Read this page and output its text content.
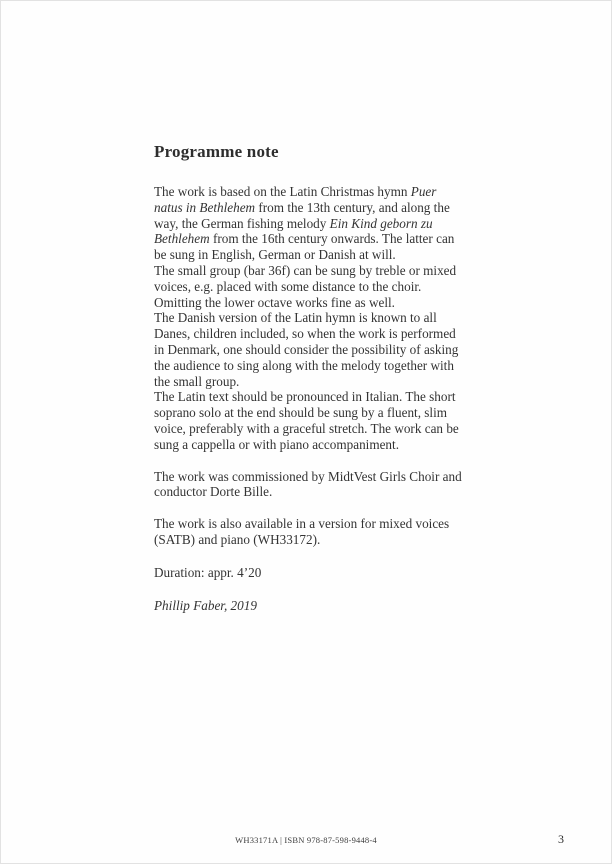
Programme note

The work is based on the Latin Christmas hymn Puer natus in Bethlehem from the 13th century, and along the way, the German fishing melody Ein Kind geborn zu Bethlehem from the 16th century onwards. The latter can be sung in English, German or Danish at will.

The small group (bar 36f) can be sung by treble or mixed voices, e.g. placed with some distance to the choir. Omitting the lower octave works fine as well.

The Danish version of the Latin hymn is known to all Danes, children included, so when the work is performed in Denmark, one should consider the possibility of asking the audience to sing along with the melody together with the small group.

The Latin text should be pronounced in Italian. The short soprano solo at the end should be sung by a fluent, slim voice, preferably with a graceful stretch. The work can be sung a cappella or with piano accompaniment.

The work was commissioned by MidtVest Girls Choir and conductor Dorte Bille.

The work is also available in a version for mixed voices (SATB) and piano (WH33172).

Duration: appr. 4’20

Phillip Faber, 2019

WH33171A | ISBN 978-87-598-9448-4	3
